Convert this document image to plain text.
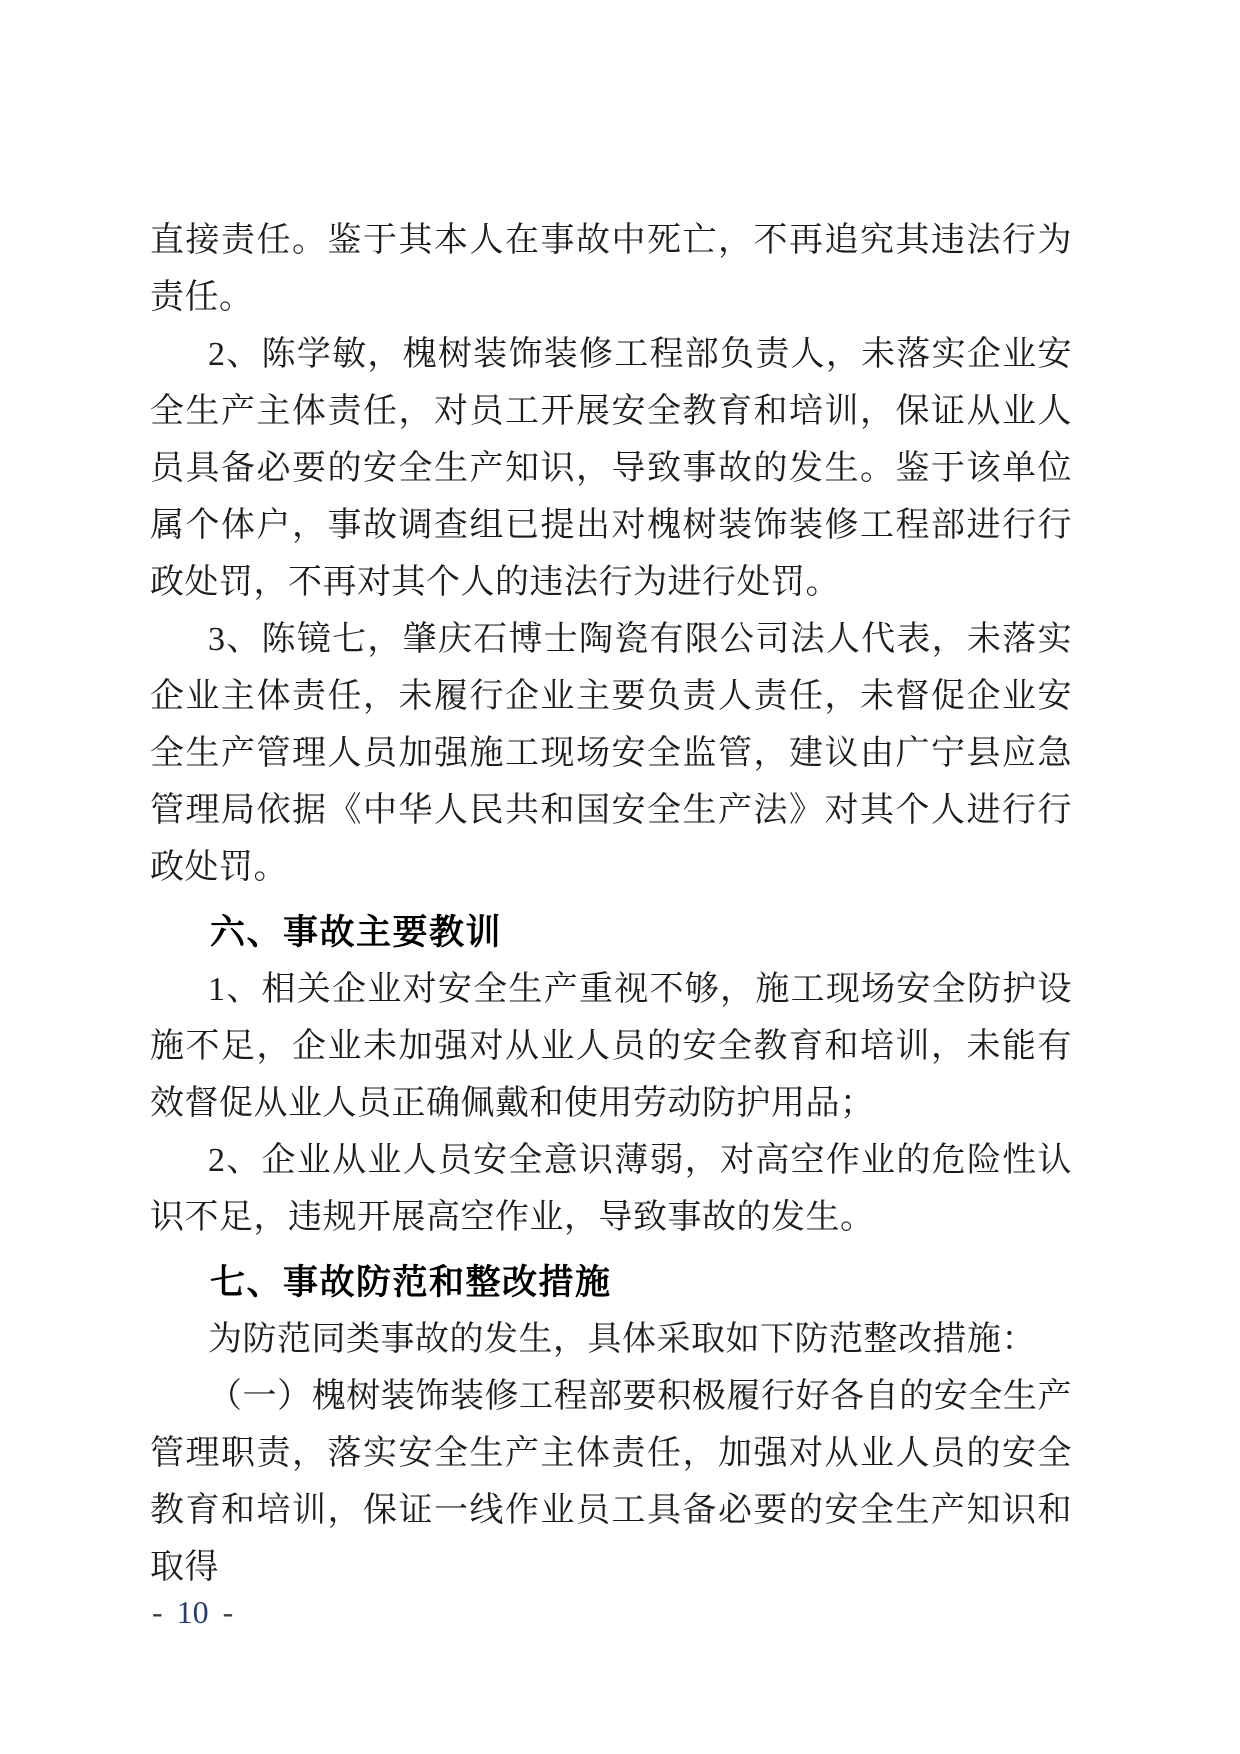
直接责任。鉴于其本人在事故中死亡，不再追究其违法行为责任。

2、陈学敏，槐树装饰装修工程部负责人，未落实企业安全生产主体责任，对员工开展安全教育和培训，保证从业人员具备必要的安全生产知识，导致事故的发生。鉴于该单位属个体户，事故调查组已提出对槐树装饰装修工程部进行行政处罚，不再对其个人的违法行为进行处罚。

3、陈镜七，肇庆石博士陶瓷有限公司法人代表，未落实企业主体责任，未履行企业主要负责人责任，未督促企业安全生产管理人员加强施工现场安全监管，建议由广宁县应急管理局依据《中华人民共和国安全生产法》对其个人进行行政处罚。

六、事故主要教训

1、相关企业对安全生产重视不够，施工现场安全防护设施不足，企业未加强对从业人员的安全教育和培训，未能有效督促从业人员正确佩戴和使用劳动防护用品；

2、企业从业人员安全意识薄弱，对高空作业的危险性认识不足，违规开展高空作业，导致事故的发生。

七、事故防范和整改措施

为防范同类事故的发生，具体采取如下防范整改措施：

（一）槐树装饰装修工程部要积极履行好各自的安全生产管理职责，落实安全生产主体责任，加强对从业人员的安全教育和培训，保证一线作业员工具备必要的安全生产知识和取得

- 10 -
